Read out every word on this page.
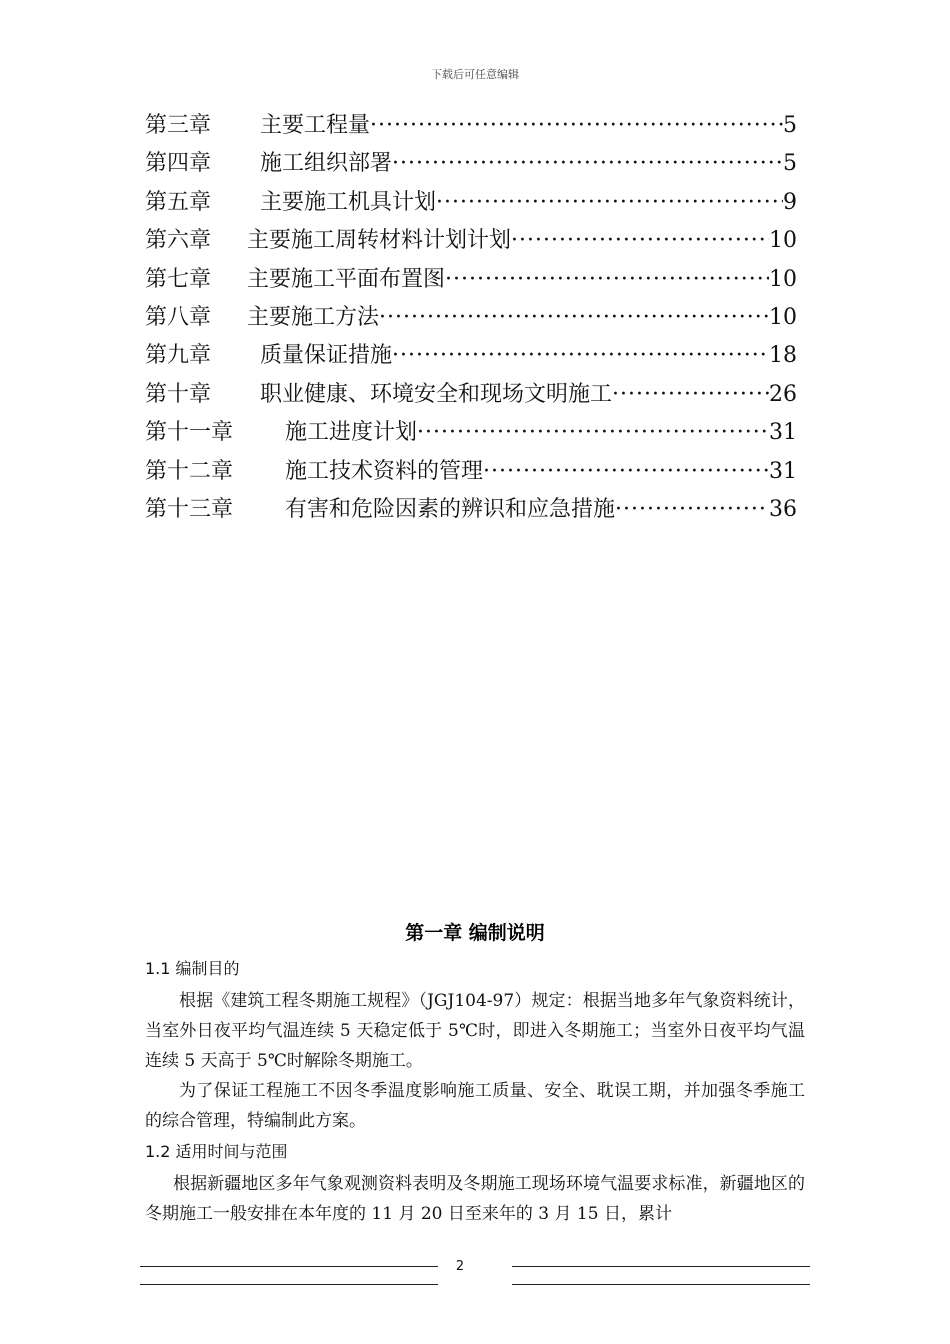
下载后可任意编辑
第三章	主要工程量 ·····	5
第四章	施工组织部署 ·····	5
第五章	主要施工机具计划 ·····	9
第六章	主要施工周转材料计划计划 ·····	10
第七章	主要施工平面布置图 ·····	10
第八章	主要施工方法 ·····	10
第九章	质量保证措施 ·····	18
第十章	职业健康、环境安全和现场文明施工 ·····	26
第十一章	施工进度计划 ·····	31
第十二章	施工技术资料的管理 ·····	31
第十三章	有害和危险因素的辨识和应急措施 ·····	36
第一章 编制说明
1.1 编制目的
根据《建筑工程冬期施工规程》（JGJ104-97）规定：根据当地多年气象资料统计，当室外日夜平均气温连续 5 天稳定低于 5℃时，即进入冬期施工；当室外日夜平均气温连续 5 天高于 5℃时解除冬期施工。
为了保证工程施工不因冬季温度影响施工质量、安全、耽误工期，并加强冬季施工的综合管理，特编制此方案。
1.2 适用时间与范围
根据新疆地区多年气象观测资料表明及冬期施工现场环境气温要求标准，新疆地区的冬期施工一般安排在本年度的 11 月 20 日至来年的 3 月 15 日，累计
2
